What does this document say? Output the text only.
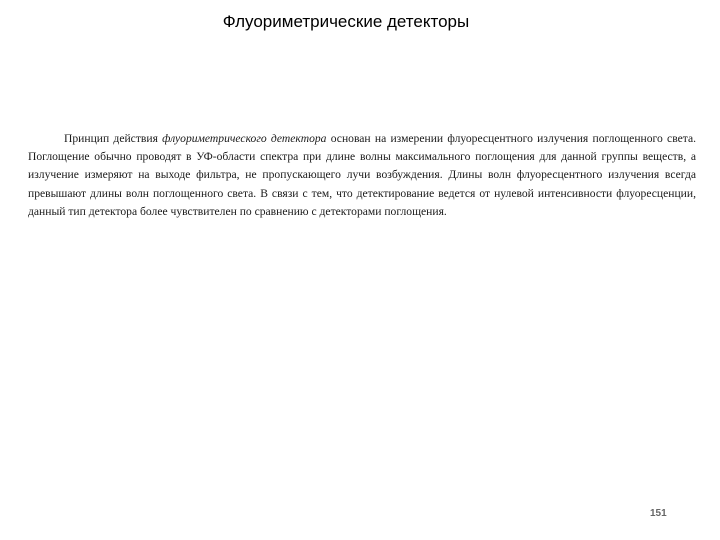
Флуориметрические детекторы

Принцип действия флуориметрического детектора основан на измерении флуоресцентного излучения поглощенного света. Поглощение обычно проводят в УФ-области спектра при длине волны максимального поглощения для данной группы веществ, а излучение измеряют на выходе фильтра, не пропускающего лучи возбуждения. Длины волн флуоресцентного излучения всегда превышают длины волн поглощенного света. В связи с тем, что детектирование ведется от нулевой интенсивности флуоресценции, данный тип детектора более чувствителен по сравнению с детекторами поглощения.

151
